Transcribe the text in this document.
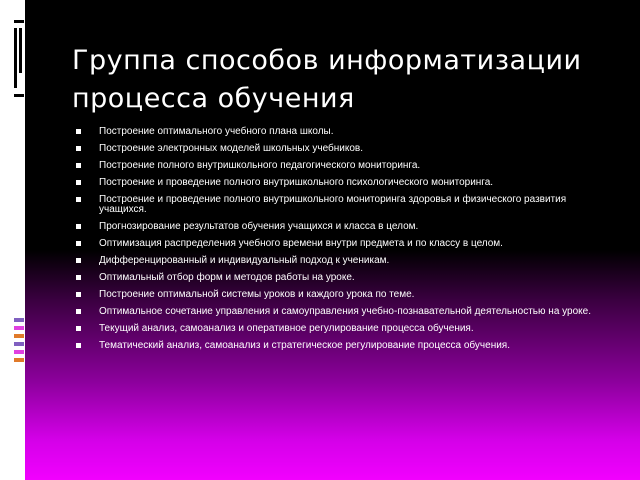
Группа способов информатизации процесса обучения
Построение оптимального учебного плана школы.
Построение электронных моделей школьных учебников.
Построение полного внутришкольного педагогического мониторинга.
Построение и проведение полного внутришкольного психологического мониторинга.
Построение и проведение полного внутришкольного мониторинга здоровья и физического развития учащихся.
Прогнозирование результатов обучения учащихся и класса в целом.
Оптимизация распределения учебного времени внутри предмета и по классу в целом.
Дифференцированный и индивидуальный подход к ученикам.
Оптимальный отбор форм и методов работы на уроке.
Построение оптимальной системы уроков и каждого урока по теме.
Оптимальное сочетание управления и самоуправления учебно-познавательной деятельностью на уроке.
Текущий анализ, самоанализ и оперативное регулирование процесса обучения.
Тематический анализ, самоанализ и стратегическое регулирование процесса обучения.
